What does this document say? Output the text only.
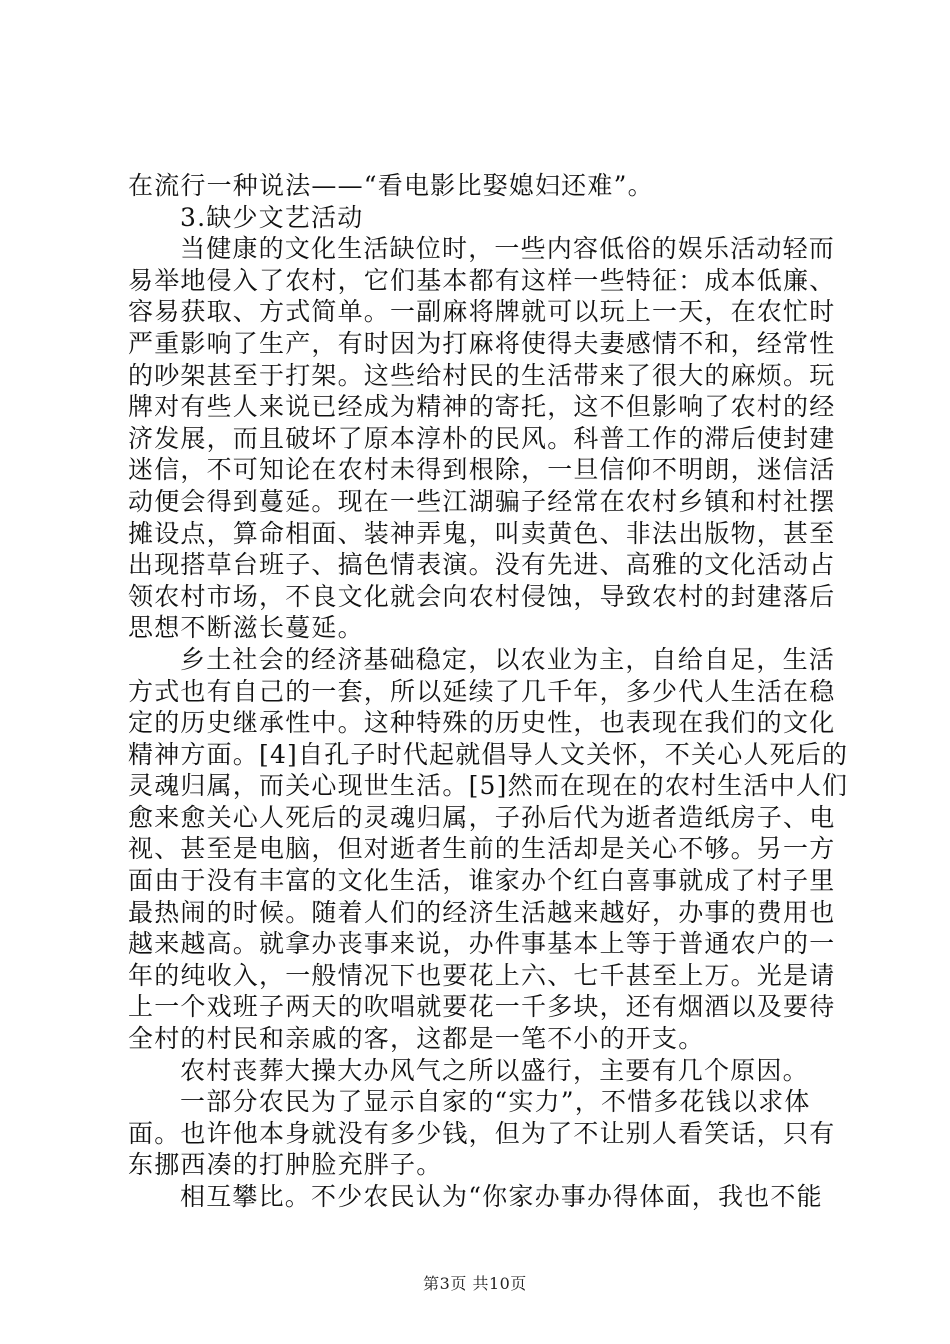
在流行一种说法——“看电影比娶媳妇还难”。
3.缺少文艺活动
当健康的文化生活缺位时，一些内容低俗的娱乐活动轻而
易举地侵入了农村，它们基本都有这样一些特征：成本低廉、
容易获取、方式简单。一副麻将牌就可以玩上一天，在农忙时
严重影响了生产，有时因为打麻将使得夫妻感情不和，经常性
的吵架甚至于打架。这些给村民的生活带来了很大的麻烦。玩
牌对有些人来说已经成为精神的寄托，这不但影响了农村的经
济发展，而且破坏了原本淳朴的民风。科普工作的滞后使封建
迷信，不可知论在农村未得到根除，一旦信仰不明朗，迷信活
动便会得到蔓延。现在一些江湖骗子经常在农村乡镇和村社摆
摊设点，算命相面、装神弄鬼，叫卖黄色、非法出版物，甚至
出现搭草台班子、搞色情表演。没有先进、高雅的文化活动占
领农村市场，不良文化就会向农村侵蚀，导致农村的封建落后
思想不断滋长蔓延。
乡土社会的经济基础稳定，以农业为主，自给自足，生活
方式也有自己的一套，所以延续了几千年，多少代人生活在稳
定的历史继承性中。这种特殊的历史性，也表现在我们的文化
精神方面。[4]自孔子时代起就倡导人文关怀，不关心人死后的
灵魂归属，而关心现世生活。[5]然而在现在的农村生活中人们
愈来愈关心人死后的灵魂归属，子孙后代为逝者造纸房子、电
视、甚至是电脑，但对逝者生前的生活却是关心不够。另一方
面由于没有丰富的文化生活，谁家办个红白喜事就成了村子里
最热闹的时候。随着人们的经济生活越来越好，办事的费用也
越来越高。就拿办丧事来说，办件事基本上等于普通农户的一
年的纯收入，一般情况下也要花上六、七千甚至上万。光是请
上一个戏班子两天的吹唱就要花一千多块，还有烟酒以及要待
全村的村民和亲戚的客，这都是一笔不小的开支。
农村丧葬大操大办风气之所以盛行，主要有几个原因。
一部分农民为了显示自家的“实力”，不惜多花钱以求体
面。也许他本身就没有多少钱，但为了不让别人看笑话，只有
东挪西凑的打肿脸充胖子。
相互攀比。不少农民认为“你家办事办得体面，我也不能
第3页 共10页
